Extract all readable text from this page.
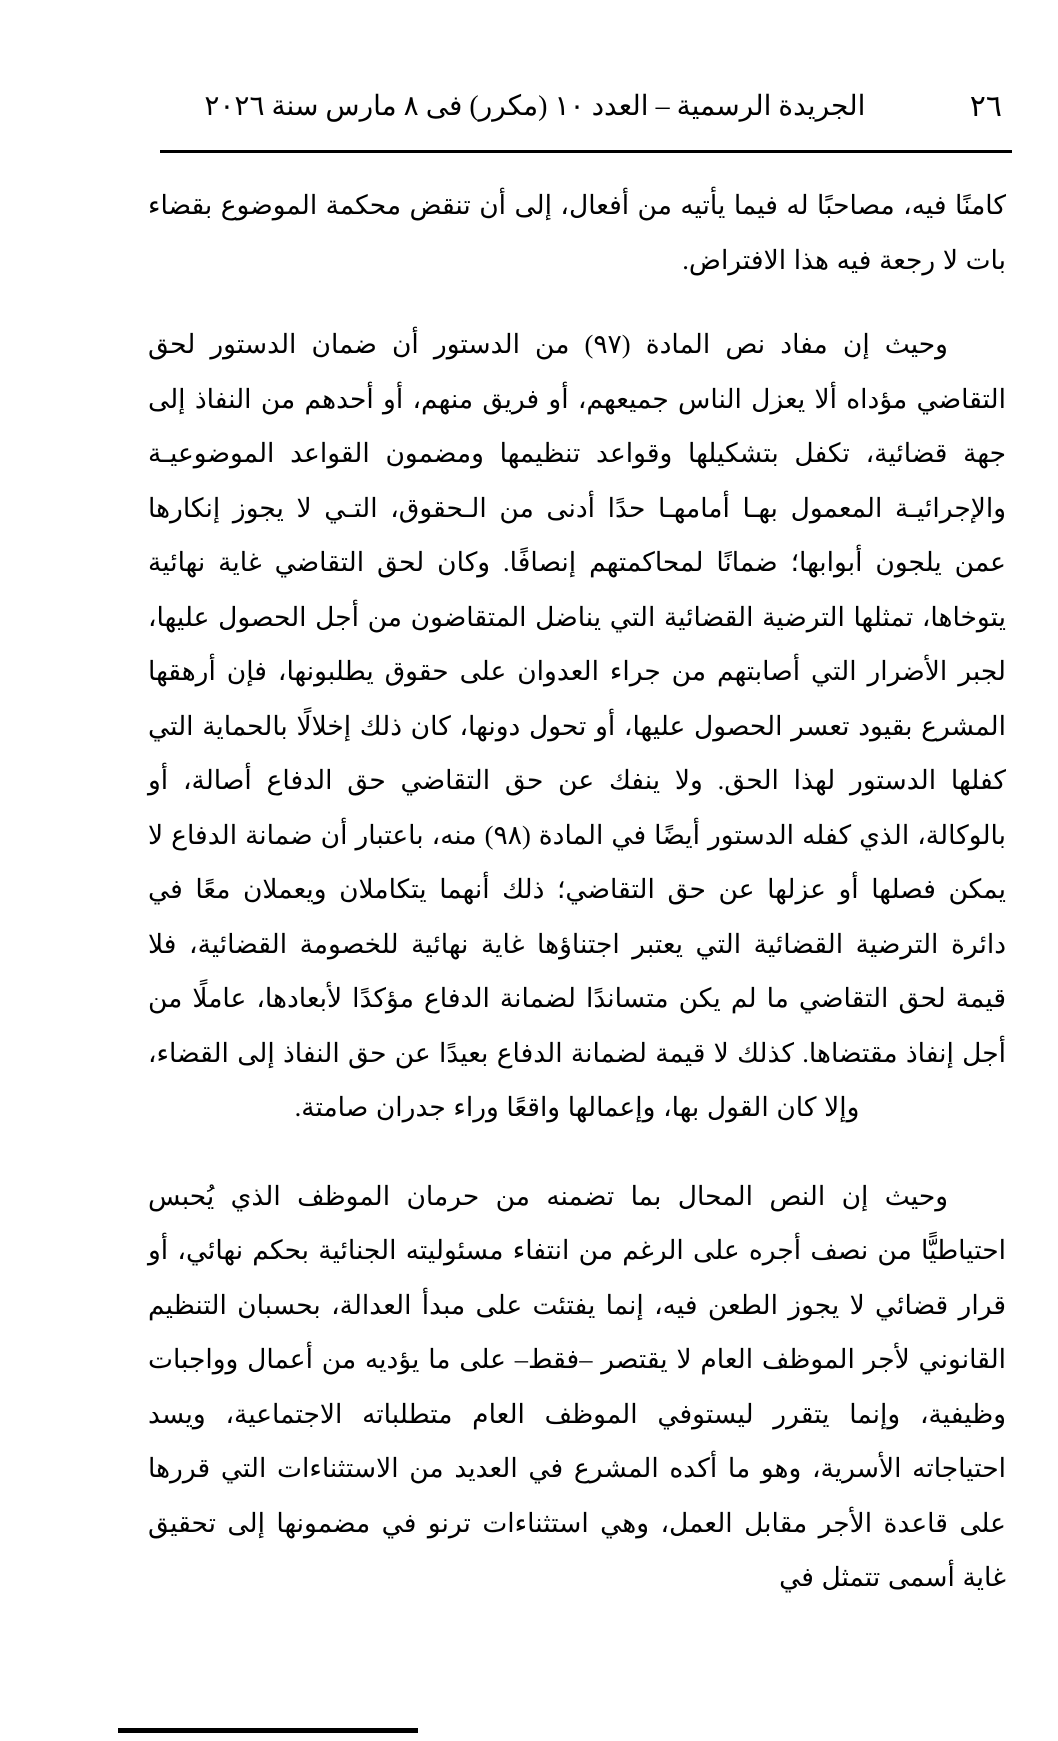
٢٦
الجريدة الرسمية – العدد ١٠ (مكرر) فى ٨ مارس سنة ٢٠٢٦

كامنًا فيه، مصاحبًا له فيما يأتيه من أفعال، إلى أن تنقض محكمة الموضوع بقضاء بات لا رجعة فيه هذا الافتراض.

وحيث إن مفاد نص المادة (٩٧) من الدستور أن ضمان الدستور لحق التقاضي مؤداه ألا يعزل الناس جميعهم، أو فريق منهم، أو أحدهم من النفاذ إلى جهة قضائية، تكفل بتشكيلها وقواعد تنظيمها ومضمون القواعد الموضوعيـة والإجرائيـة المعمول بهـا أمامهـا حدًا أدنى من الـحقوق، التـي لا يجوز إنكارها عمن يلجون أبوابها؛ ضمانًا لمحاكمتهم إنصافًا. وكان لحق التقاضي غاية نهائية يتوخاها، تمثلها الترضية القضائية التي يناضل المتقاضون من أجل الحصول عليها، لجبر الأضرار التي أصابتهم من جراء العدوان على حقوق يطلبونها، فإن أرهقها المشرع بقيود تعسر الحصول عليها، أو تحول دونها، كان ذلك إخلالًا بالحماية التي كفلها الدستور لهذا الحق. ولا ينفك عن حق التقاضي حق الدفاع أصالة، أو بالوكالة، الذي كفله الدستور أيضًا في المادة (٩٨) منه، باعتبار أن ضمانة الدفاع لا يمكن فصلها أو عزلها عن حق التقاضي؛ ذلك أنهما يتكاملان ويعملان معًا في دائرة الترضية القضائية التي يعتبر اجتناؤها غاية نهائية للخصومة القضائية، فلا قيمة لحق التقاضي ما لم يكن متساندًا لضمانة الدفاع مؤكدًا لأبعادها، عاملًا من أجل إنفاذ مقتضاها. كذلك لا قيمة لضمانة الدفاع بعيدًا عن حق النفاذ إلى القضاء، وإلا كان القول بها، وإعمالها واقعًا وراء جدران صامتة.

وحيث إن النص المحال بما تضمنه من حرمان الموظف الذي يُحبس احتياطيًّا من نصف أجره على الرغم من انتفاء مسئوليته الجنائية بحكم نهائي، أو قرار قضائي لا يجوز الطعن فيه، إنما يفتئت على مبدأ العدالة، بحسبان التنظيم القانوني لأجر الموظف العام لا يقتصر –فقط– على ما يؤديه من أعمال وواجبات وظيفية، وإنما يتقرر ليستوفي الموظف العام متطلباته الاجتماعية، ويسد احتياجاته الأسرية، وهو ما أكده المشرع في العديد من الاستثناءات التي قررها على قاعدة الأجر مقابل العمل، وهي استثناءات ترنو في مضمونها إلى تحقيق غاية أسمى تتمثل في
